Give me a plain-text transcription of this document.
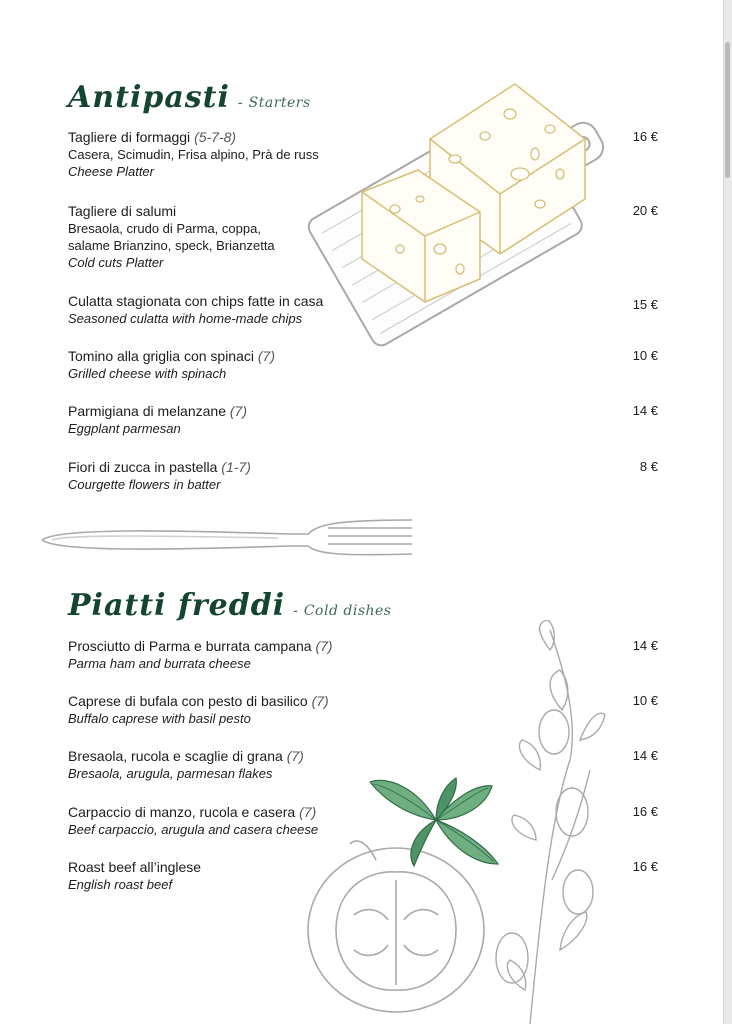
Antipasti - Starters
Tagliere di formaggi (5-7-8)
Casera, Scimudin, Frisa alpino, Prà de russ
Cheese Platter
16 €
Tagliere di salumi
Bresaola, crudo di Parma, coppa,
salame Brianzino, speck, Brianzetta
Cold cuts Platter
20 €
Culatta stagionata con chips fatte in casa
Seasoned culatta with home-made chips
15 €
Tomino alla griglia con spinaci (7)
Grilled cheese with spinach
10 €
Parmigiana di melanzane (7)
Eggplant parmesan
14 €
Fiori di zucca in pastella (1-7)
Courgette flowers in batter
8 €
Piatti freddi - Cold dishes
Prosciutto di Parma e burrata campana (7)
Parma ham and burrata cheese
14 €
Caprese di bufala con pesto di basilico (7)
Buffalo caprese with basil pesto
10 €
Bresaola, rucola e scaglie di grana (7)
Bresaola, arugula, parmesan flakes
14 €
Carpaccio di manzo, rucola e casera (7)
Beef carpaccio, arugula and casera cheese
16 €
Roast beef all’inglese
English roast beef
16 €
